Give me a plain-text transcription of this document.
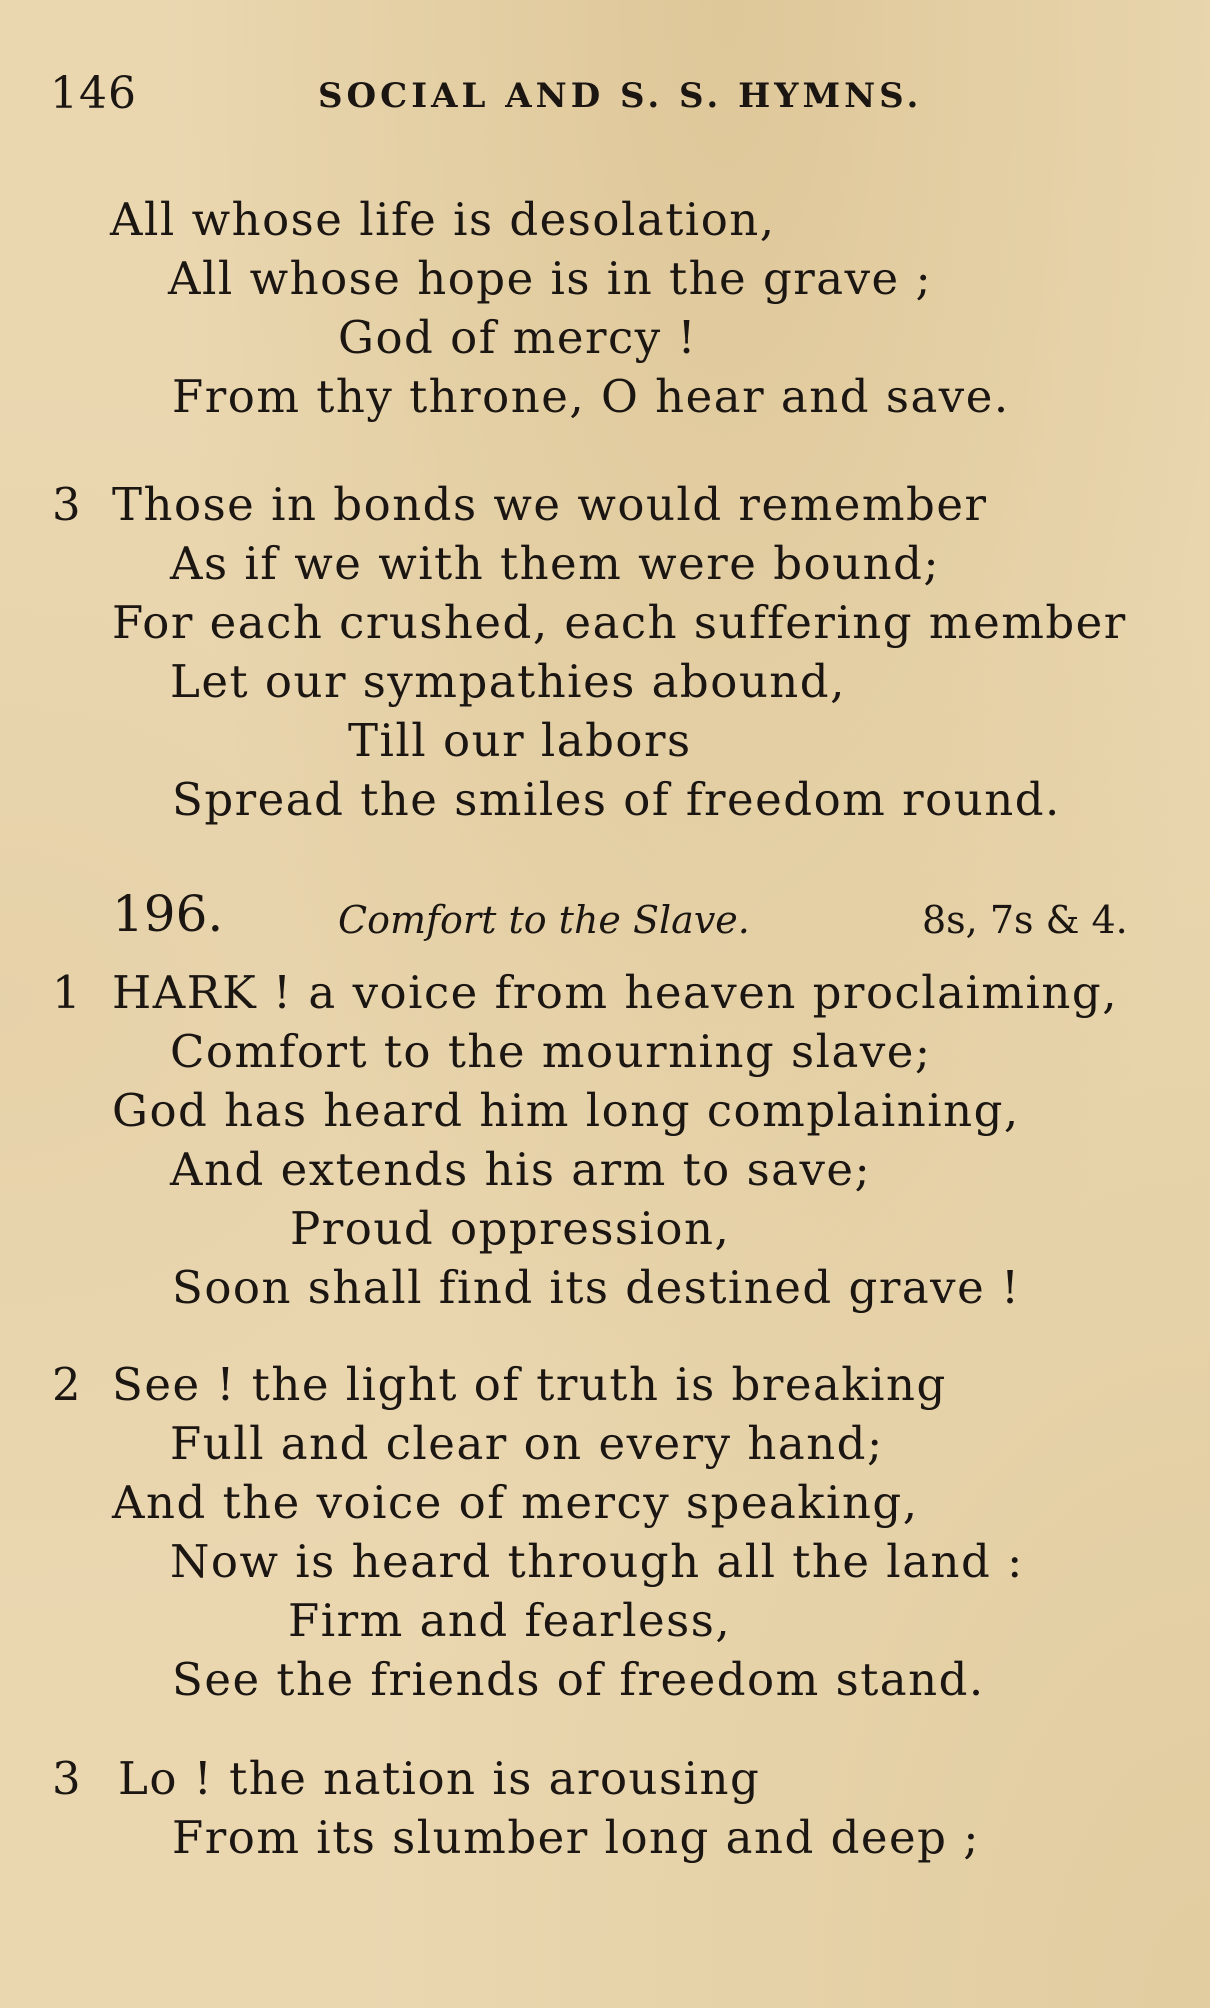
146	SOCIAL AND S. S. HYMNS.
All whose life is desolation,
All whose hope is in the grave ;
God of mercy !
From thy throne, O hear and save.
3 Those in bonds we would remember
As if we with them were bound;
For each crushed, each suffering member
Let our sympathies abound,
Till our labors
Spread the smiles of freedom round.
196.	Comfort to the Slave.	8s, 7s & 4.
1 HARK ! a voice from heaven proclaiming,
Comfort to the mourning slave;
God has heard him long complaining,
And extends his arm to save;
Proud oppression,
Soon shall find its destined grave !
2 See ! the light of truth is breaking
Full and clear on every hand;
And the voice of mercy speaking,
Now is heard through all the land :
Firm and fearless,
See the friends of freedom stand.
3 Lo ! the nation is arousing
From its slumber long and deep ;
